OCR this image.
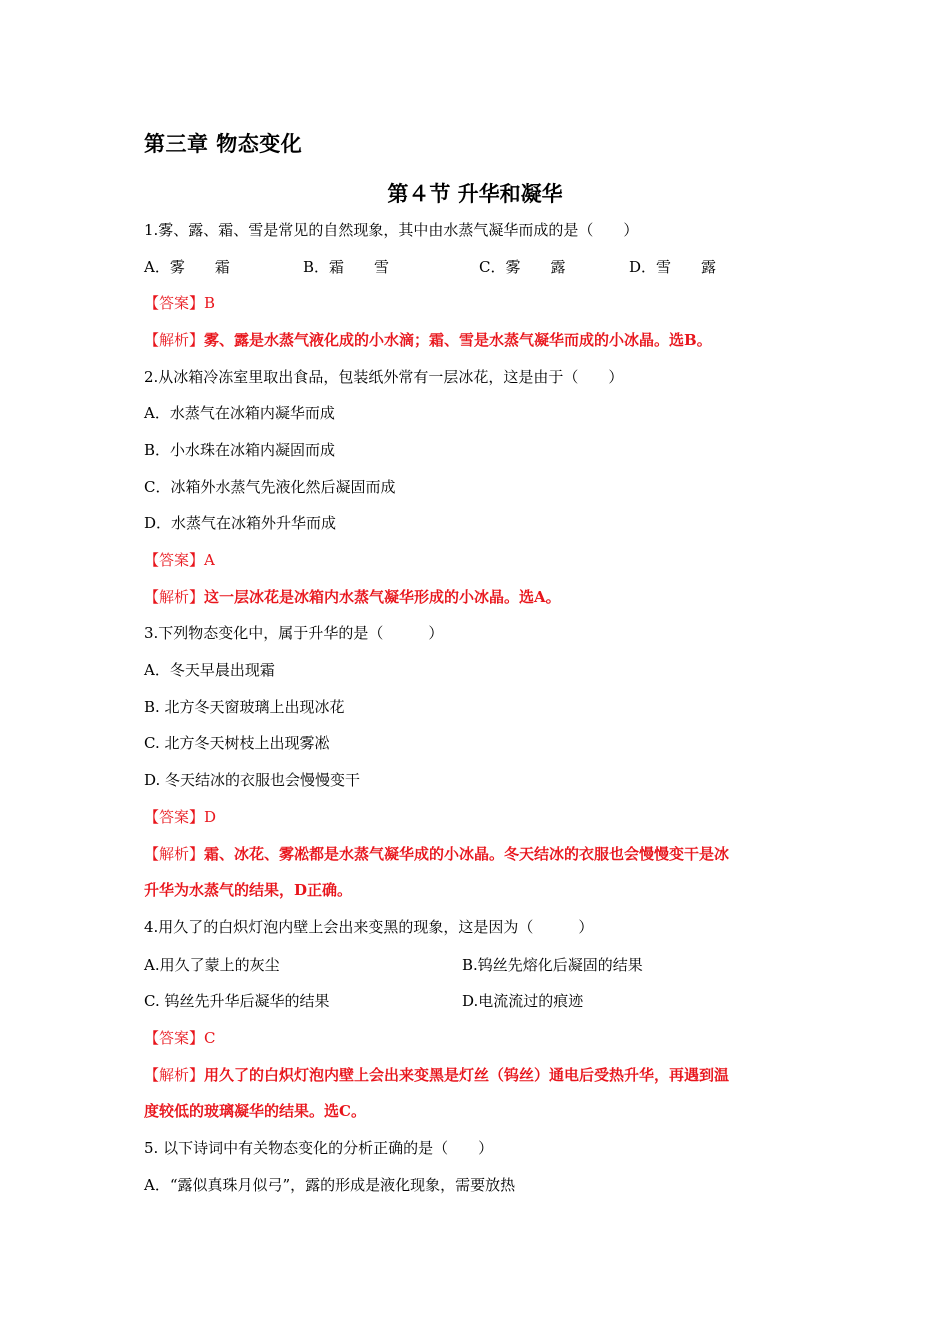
第三章 物态变化
第４节 升华和凝华
1.雾、露、霜、雪是常见的自然现象，其中由水蒸气凝华而成的是（　　）
A．雾　　霜	B．霜　　雪	C．雾　　露	D．雪　　露
【答案】B
【解析】雾、露是水蒸气液化成的小水滴；霜、雪是水蒸气凝华而成的小冰晶。选B。
2.从冰箱冷冻室里取出食品，包装纸外常有一层冰花，这是由于（　　）
A．水蒸气在冰箱内凝华而成
B．小水珠在冰箱内凝固而成
C．冰箱外水蒸气先液化然后凝固而成
D．水蒸气在冰箱外升华而成
【答案】A
【解析】这一层冰花是冰箱内水蒸气凝华形成的小冰晶。选A。
3.下列物态变化中，属于升华的是（　　　）
A．冬天早晨出现霜
B. 北方冬天窗玻璃上出现冰花
C. 北方冬天树枝上出现雾凇
D. 冬天结冰的衣服也会慢慢变干
【答案】D
【解析】霜、冰花、雾凇都是水蒸气凝华成的小冰晶。冬天结冰的衣服也会慢慢变干是冰
升华为水蒸气的结果，D正确。
4.用久了的白炽灯泡内壁上会出来变黑的现象，这是因为（　　　）
A.用久了蒙上的灰尘	B.钨丝先熔化后凝固的结果
C. 钨丝先升华后凝华的结果	D.电流流过的痕迹
【答案】C
【解析】用久了的白炽灯泡内壁上会出来变黑是灯丝（钨丝）通电后受热升华，再遇到温
度较低的玻璃凝华的结果。选C。
5. 以下诗词中有关物态变化的分析正确的是（　　）
A．“露似真珠月似弓”，露的形成是液化现象，需要放热
